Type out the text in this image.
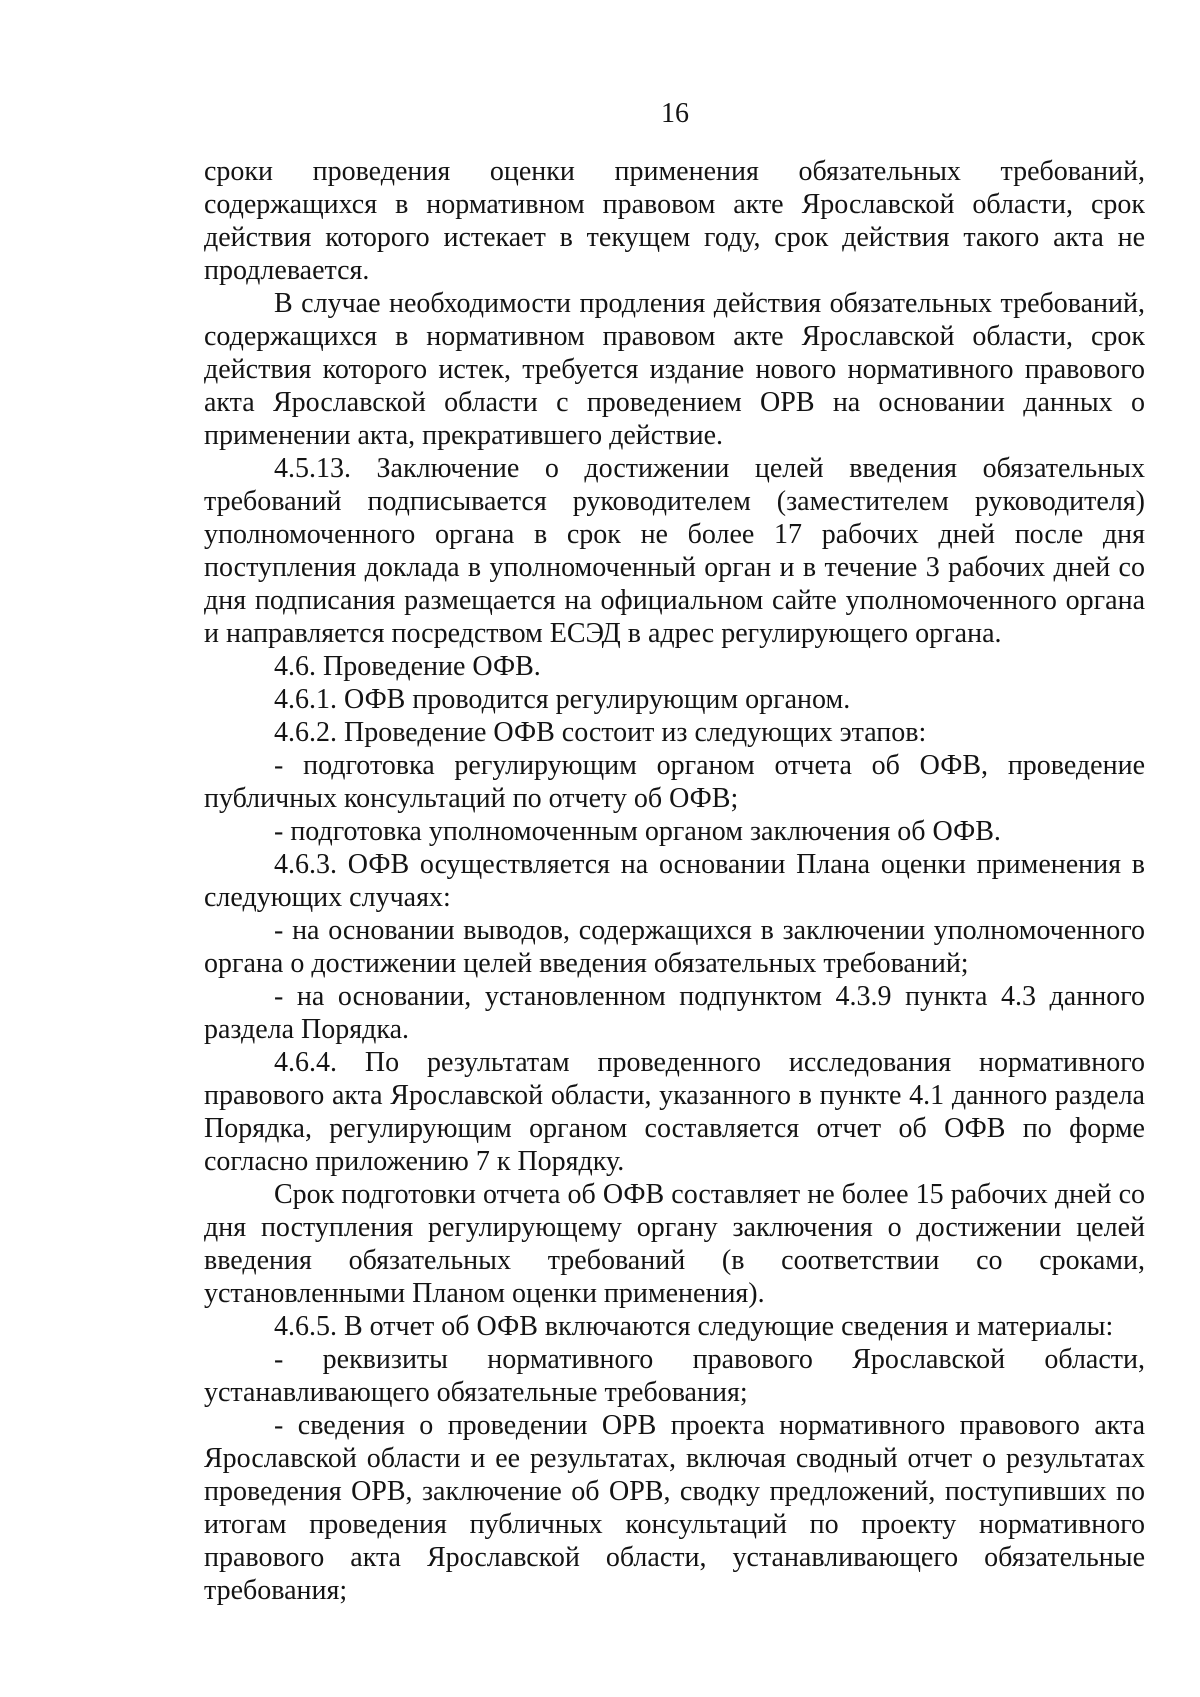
16

сроки проведения оценки применения обязательных требований, содержащихся в нормативном правовом акте Ярославской области, срок действия которого истекает в текущем году, срок действия такого акта не продлевается.

В случае необходимости продления действия обязательных требований, содержащихся в нормативном правовом акте Ярославской области, срок действия которого истек, требуется издание нового нормативного правового акта Ярославской области с проведением ОРВ на основании данных о применении акта, прекратившего действие.

4.5.13. Заключение о достижении целей введения обязательных требований подписывается руководителем (заместителем руководителя) уполномоченного органа в срок не более 17 рабочих дней после дня поступления доклада в уполномоченный орган и в течение 3 рабочих дней со дня подписания размещается на официальном сайте уполномоченного органа и направляется посредством ЕСЭД в адрес регулирующего органа.

4.6. Проведение ОФВ.

4.6.1. ОФВ проводится регулирующим органом.

4.6.2. Проведение ОФВ состоит из следующих этапов:

- подготовка регулирующим органом отчета об ОФВ, проведение публичных консультаций по отчету об ОФВ;

- подготовка уполномоченным органом заключения об ОФВ.

4.6.3. ОФВ осуществляется на основании Плана оценки применения в следующих случаях:

- на основании выводов, содержащихся в заключении уполномоченного органа о достижении целей введения обязательных требований;

- на основании, установленном подпунктом 4.3.9 пункта 4.3 данного раздела Порядка.

4.6.4. По результатам проведенного исследования нормативного правового акта Ярославской области, указанного в пункте 4.1 данного раздела Порядка, регулирующим органом составляется отчет об ОФВ по форме согласно приложению 7 к Порядку.

Срок подготовки отчета об ОФВ составляет не более 15 рабочих дней со дня поступления регулирующему органу заключения о достижении целей введения обязательных требований (в соответствии со сроками, установленными Планом оценки применения).

4.6.5. В отчет об ОФВ включаются следующие сведения и материалы:

- реквизиты нормативного правового Ярославской области, устанавливающего обязательные требования;

- сведения о проведении ОРВ проекта нормативного правового акта Ярославской области и ее результатах, включая сводный отчет о результатах проведения ОРВ, заключение об ОРВ, сводку предложений, поступивших по итогам проведения публичных консультаций по проекту нормативного правового акта Ярославской области, устанавливающего обязательные требования;
